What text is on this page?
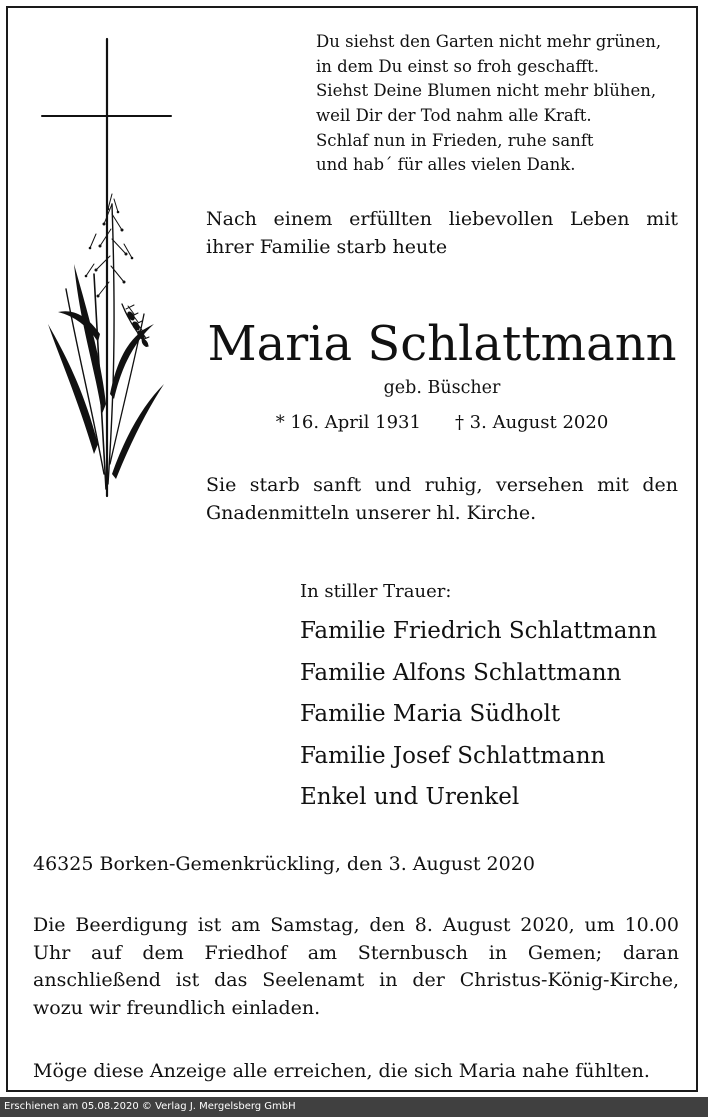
Du siehst den Garten nicht mehr grünen,
in dem Du einst so froh geschafft.
Siehst Deine Blumen nicht mehr blühen,
weil Dir der Tod nahm alle Kraft.
Schlaf nun in Frieden, ruhe sanft
und hab´ für alles vielen Dank.

Nach einem erfüllten liebevollen Leben mit ihrer Familie starb heute

Maria Schlattmann
geb. Büscher
* 16. April 1931 † 3. August 2020

Sie starb sanft und ruhig, versehen mit den Gnadenmitteln unserer hl. Kirche.

In stiller Trauer:
Familie Friedrich Schlattmann
Familie Alfons Schlattmann
Familie Maria Südholt
Familie Josef Schlattmann
Enkel und Urenkel
46325 Borken-Gemenkrückling, den 3. August 2020

Die Beerdigung ist am Samstag, den 8. August 2020, um 10.00 Uhr auf dem Friedhof am Sternbusch in Gemen; daran anschließend ist das Seelenamt in der Christus-König-Kirche, wozu wir freundlich einladen.

Möge diese Anzeige alle erreichen, die sich Maria nahe fühlten.
Erschienen am 05.08.2020 © Verlag J. Mergelsberg GmbH
